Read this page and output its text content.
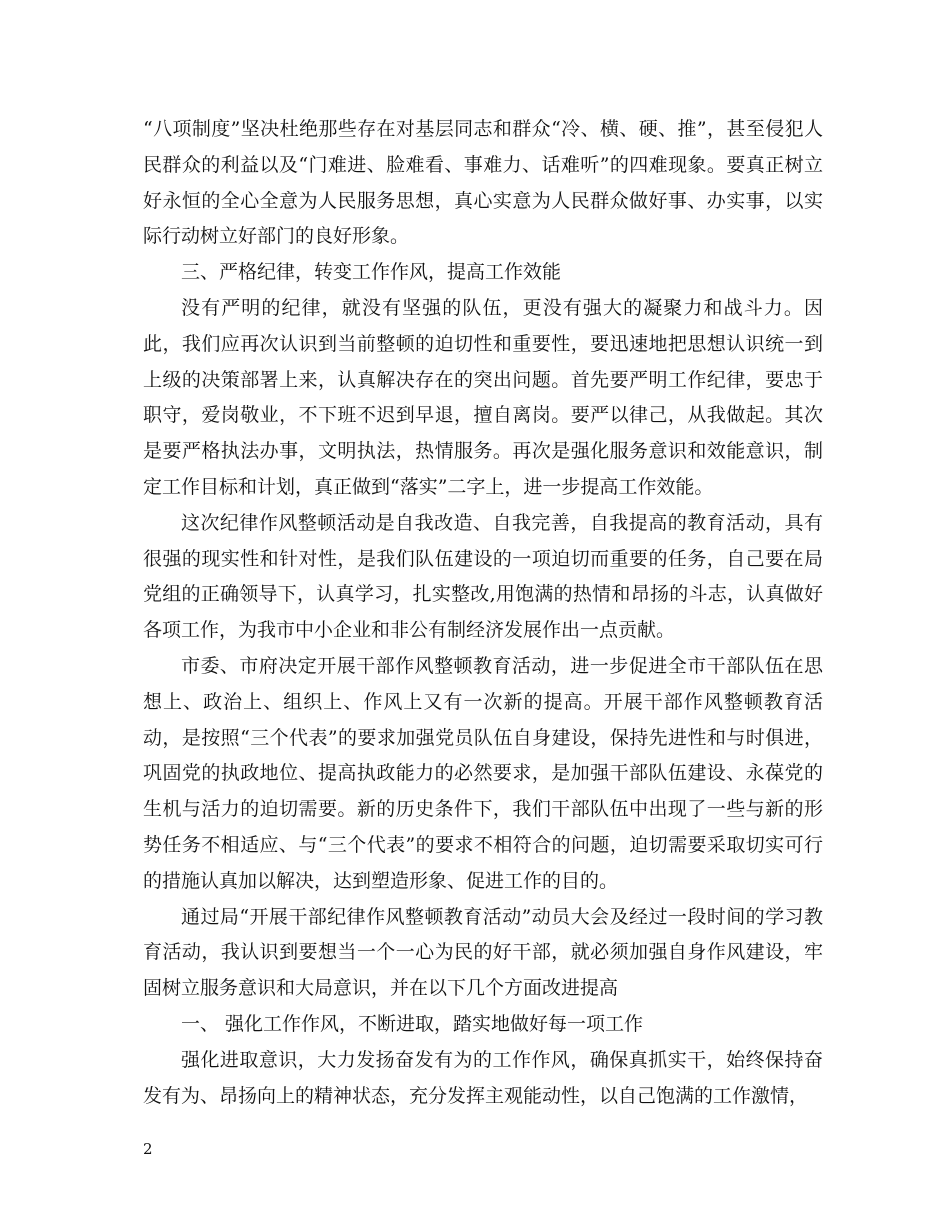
“八项制度”坚决杜绝那些存在对基层同志和群众“冷、横、硬、推”，甚至侵犯人民群众的利益以及“门难进、脸难看、事难力、话难听”的四难现象。要真正树立好永恒的全心全意为人民服务思想，真心实意为人民群众做好事、办实事，以实际行动树立好部门的良好形象。

三、严格纪律，转变工作作风，提高工作效能

没有严明的纪律，就没有坚强的队伍，更没有强大的凝聚力和战斗力。因此，我们应再次认识到当前整顿的迫切性和重要性，要迅速地把思想认识统一到上级的决策部署上来，认真解决存在的突出问题。首先要严明工作纪律，要忠于职守，爱岗敬业，不下班不迟到早退，擅自离岗。要严以律己，从我做起。其次是要严格执法办事，文明执法，热情服务。再次是强化服务意识和效能意识，制定工作目标和计划，真正做到“落实”二字上，进一步提高工作效能。

这次纪律作风整顿活动是自我改造、自我完善，自我提高的教育活动，具有很强的现实性和针对性，是我们队伍建设的一项迫切而重要的任务，自己要在局党组的正确领导下，认真学习，扎实整改,用饱满的热情和昂扬的斗志，认真做好各项工作，为我市中小企业和非公有制经济发展作出一点贡献。

市委、市府决定开展干部作风整顿教育活动，进一步促进全市干部队伍在思想上、政治上、组织上、作风上又有一次新的提高。开展干部作风整顿教育活动，是按照“三个代表”的要求加强党员队伍自身建设，保持先进性和与时俱进，巩固党的执政地位、提高执政能力的必然要求，是加强干部队伍建设、永葆党的生机与活力的迫切需要。新的历史条件下，我们干部队伍中出现了一些与新的形势任务不相适应、与“三个代表”的要求不相符合的问题，迫切需要采取切实可行的措施认真加以解决，达到塑造形象、促进工作的目的。

通过局“开展干部纪律作风整顿教育活动”动员大会及经过一段时间的学习教育活动，我认识到要想当一个一心为民的好干部，就必须加强自身作风建设，牢固树立服务意识和大局意识，并在以下几个方面改进提高

一、 强化工作作风，不断进取，踏实地做好每一项工作

强化进取意识，大力发扬奋发有为的工作作风，确保真抓实干，始终保持奋发有为、昂扬向上的精神状态，充分发挥主观能动性，以自己饱满的工作激情，

2
